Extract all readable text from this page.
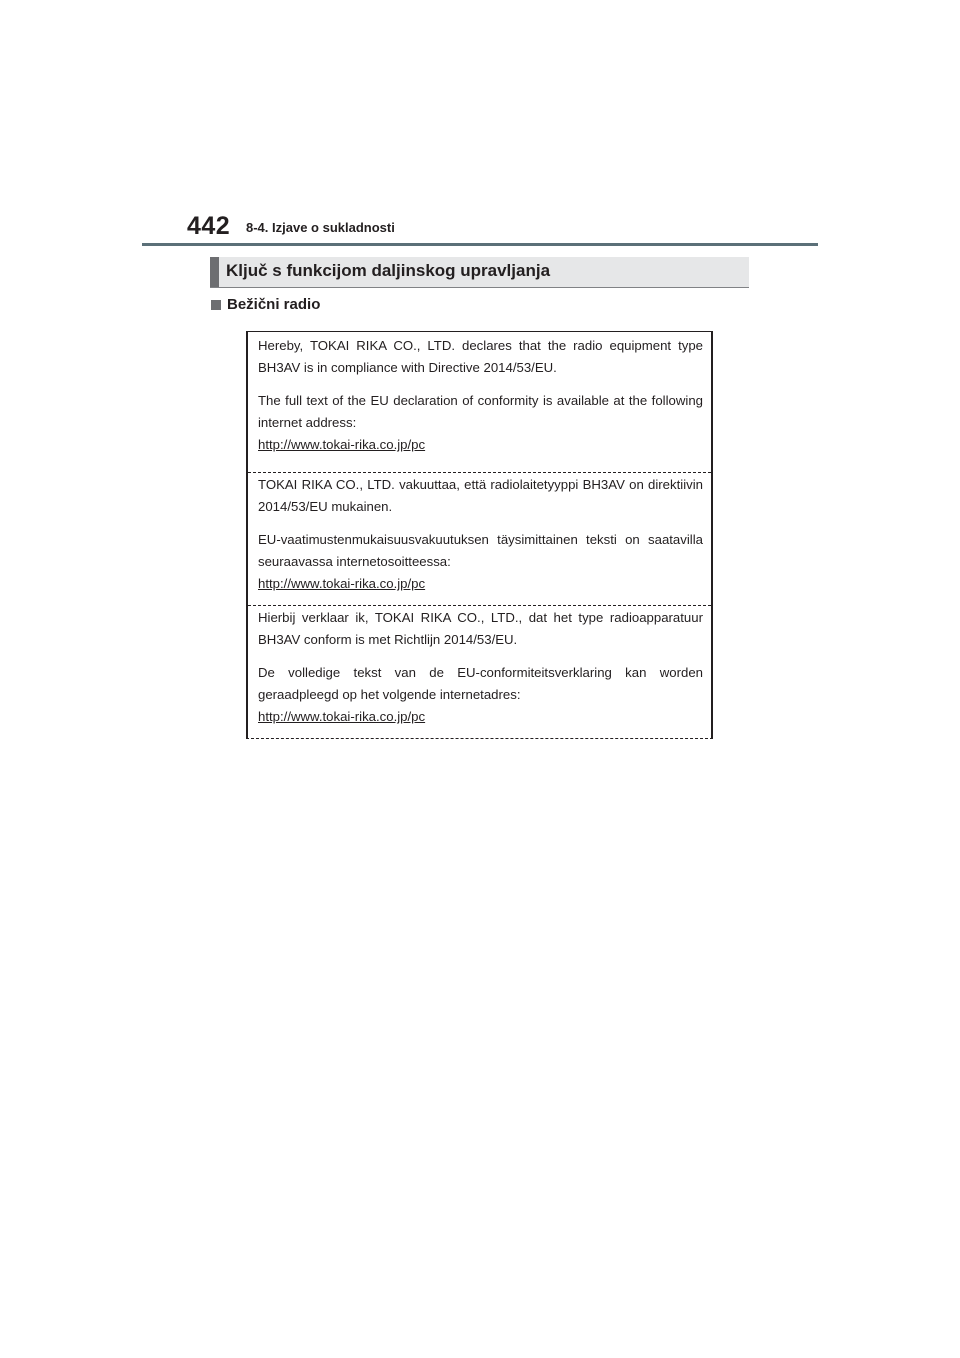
442 8-4. Izjave o sukladnosti
Ključ s funkcijom daljinskog upravljanja
Bežični radio

Hereby, TOKAI RIKA CO., LTD. declares that the radio equipment type BH3AV is in compliance with Directive 2014/53/EU.

The full text of the EU declaration of conformity is available at the following internet address:

http://www.tokai-rika.co.jp/pc

TOKAI RIKA CO., LTD. vakuuttaa, että radiolaitetyyppi BH3AV on direktiivin 2014/53/EU mukainen.

EU-vaatimustenmukaisuusvakuutuksen täysimittainen teksti on saatavilla seuraavassa internetosoitteessa:

http://www.tokai-rika.co.jp/pc

Hierbij verklaar ik, TOKAI RIKA CO., LTD., dat het type radioapparatuur BH3AV conform is met Richtlijn 2014/53/EU.

De volledige tekst van de EU-conformiteitsverklaring kan worden geraadpleegd op het volgende internetadres:

http://www.tokai-rika.co.jp/pc
